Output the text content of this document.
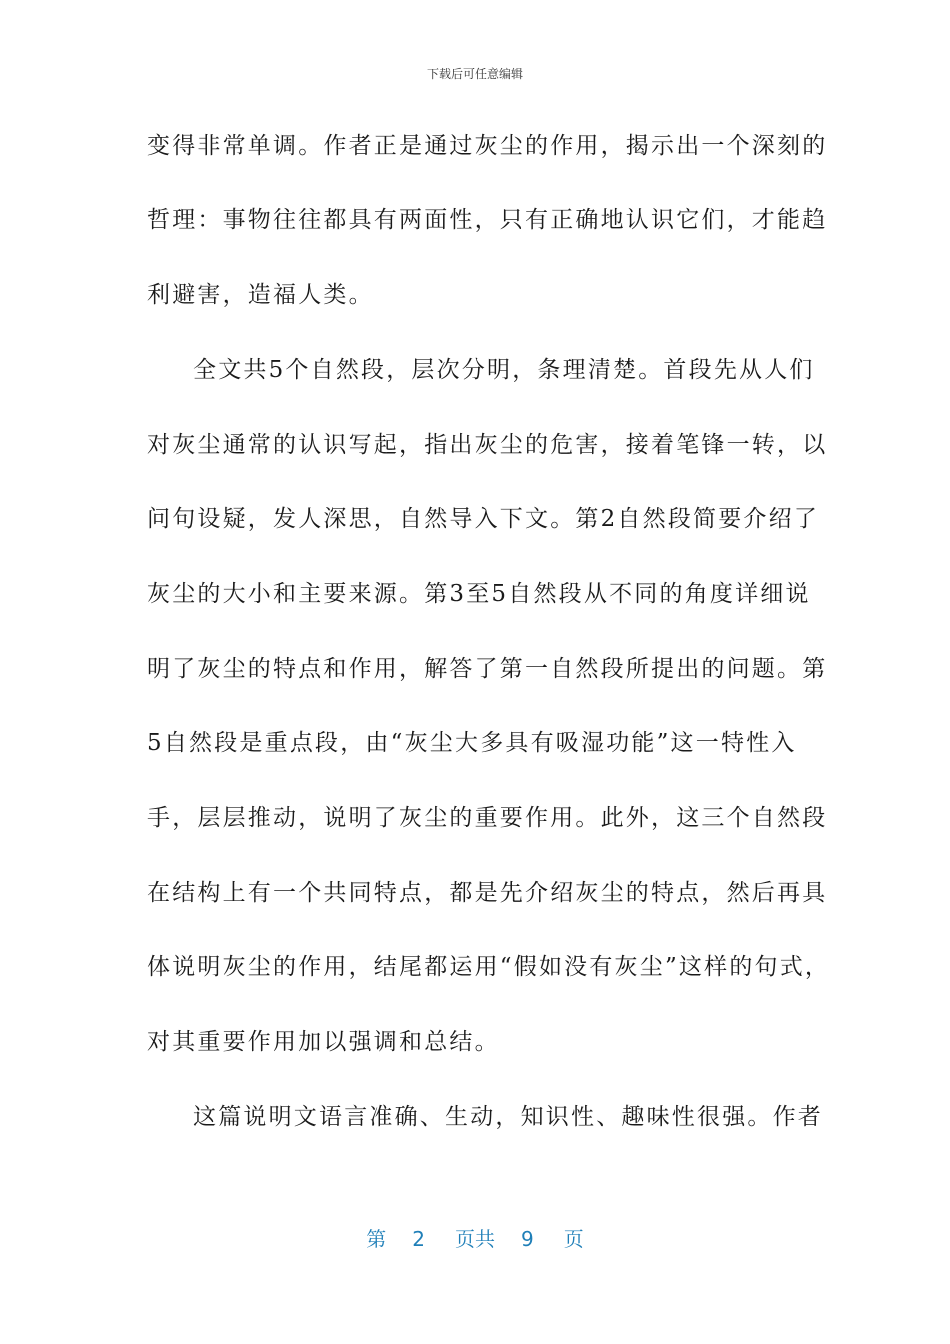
下载后可任意编辑
变得非常单调。作者正是通过灰尘的作用，揭示出一个深刻的
哲理：事物往往都具有两面性，只有正确地认识它们，才能趋
利避害，造福人类。
全文共5个自然段，层次分明，条理清楚。首段先从人们
对灰尘通常的认识写起，指出灰尘的危害，接着笔锋一转，以
问句设疑，发人深思，自然导入下文。第2自然段简要介绍了
灰尘的大小和主要来源。第3至5自然段从不同的角度详细说
明了灰尘的特点和作用，解答了第一自然段所提出的问题。第
5自然段是重点段，由“灰尘大多具有吸湿功能”这一特性入
手，层层推动，说明了灰尘的重要作用。此外，这三个自然段
在结构上有一个共同特点，都是先介绍灰尘的特点，然后再具
体说明灰尘的作用，结尾都运用“假如没有灰尘”这样的句式，
对其重要作用加以强调和总结。
这篇说明文语言准确、生动，知识性、趣味性很强。作者
第 2 页共 9 页
